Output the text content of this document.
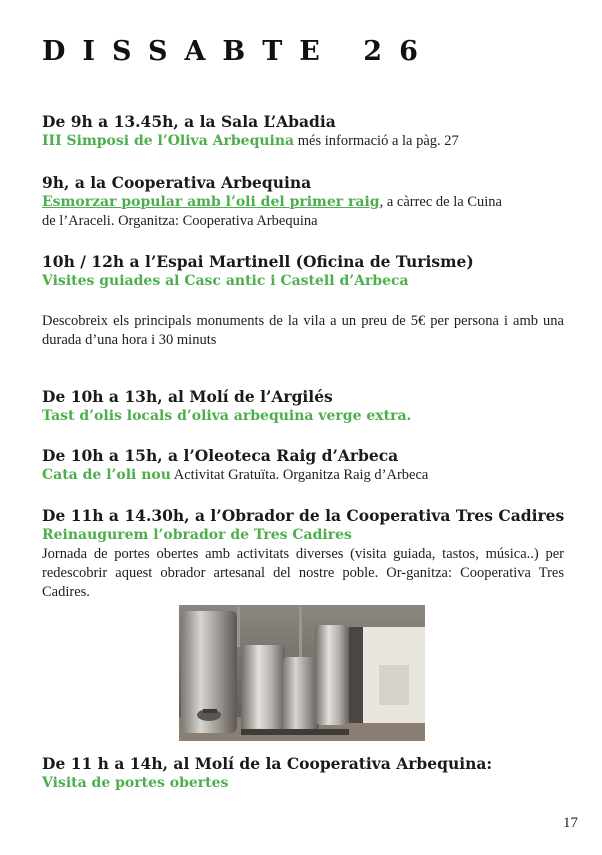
DISSABTE 26
De 9h a 13.45h, a la Sala L’Abadia
III Simposi de l’Oliva Arbequina més informació a la pàg. 27
9h, a la Cooperativa Arbequina
Esmorzar popular amb l’oli del primer raig, a càrrec de la Cuina
de l’Araceli. Organitza: Cooperativa Arbequina
10h / 12h a l’Espai Martinell (Oficina de Turisme)
Visites guiades al Casc antic i Castell d’Arbeca
Descobreix els principals monuments de la vila a un preu de 5€ per persona i amb una durada d’una hora i 30 minuts
De 10h a 13h, al Molí de l’Argilés
Tast d’olis locals d’oliva arbequina verge extra.
De 10h a 15h, a l’Oleoteca Raig d’Arbeca
Cata de l’oli nou Activitat Gratuïta. Organitza Raig d’Arbeca
De 11h a 14.30h, a l’Obrador de la Cooperativa Tres Cadires
Reinaugurem l’obrador de Tres Cadires
Jornada de portes obertes amb activitats diverses (visita guiada, tastos, música..) per redescobrir aquest obrador artesanal del nostre poble. Or-ganitza: Cooperativa Tres Cadires.
De 11 h a 14h, al Molí de la Cooperativa Arbequina:
Visita de portes obertes
17
